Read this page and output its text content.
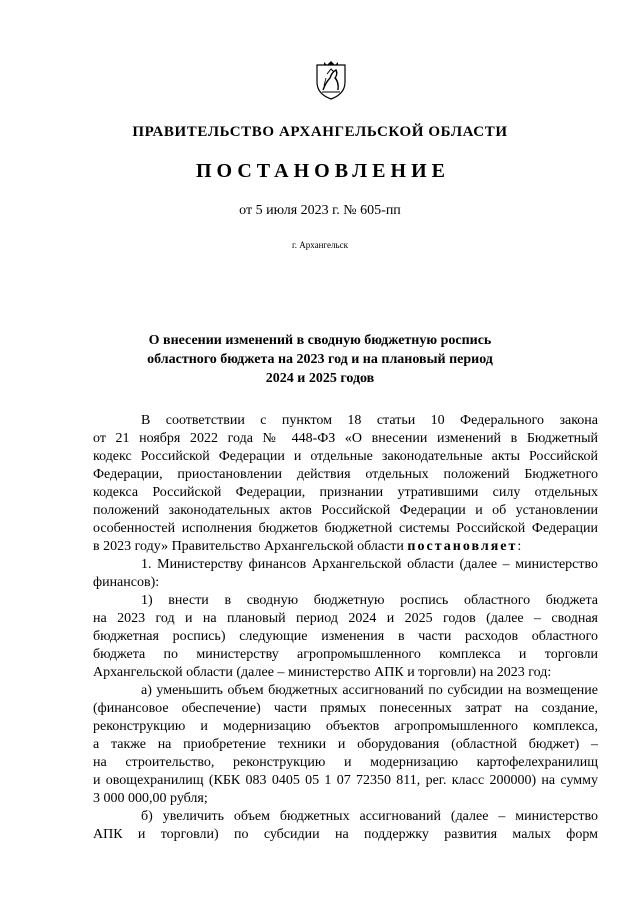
ПРАВИТЕЛЬСТВО АРХАНГЕЛЬСКОЙ ОБЛАСТИ
ПОСТАНОВЛЕНИЕ
от 5 июля 2023 г. № 605-пп
г. Архангельск
О внесении изменений в сводную бюджетную роспись
областного бюджета на 2023 год и на плановый период
2024 и 2025 годов
В соответствии с пунктом 18 статьи 10 Федерального закона
от 21 ноября 2022 года № 448-ФЗ «О внесении изменений в Бюджетный
кодекс Российской Федерации и отдельные законодательные акты Российской
Федерации, приостановлении действия отдельных положений Бюджетного
кодекса Российской Федерации, признании утратившими силу отдельных
положений законодательных актов Российской Федерации и об установлении
особенностей исполнения бюджетов бюджетной системы Российской Федерации
в 2023 году» Правительство Архангельской области постановляет:
1. Министерству финансов Архангельской области (далее – министерство
финансов):
1) внести в сводную бюджетную роспись областного бюджета
на 2023 год и на плановый период 2024 и 2025 годов (далее – сводная
бюджетная роспись) следующие изменения в части расходов областного
бюджета по министерству агропромышленного комплекса и торговли
Архангельской области (далее – министерство АПК и торговли) на 2023 год:
а) уменьшить объем бюджетных ассигнований по субсидии на возмещение
(финансовое обеспечение) части прямых понесенных затрат на создание,
реконструкцию и модернизацию объектов агропромышленного комплекса,
а также на приобретение техники и оборудования (областной бюджет) –
на строительство, реконструкцию и модернизацию картофелехранилищ
и овощехранилищ (КБК 083 0405 05 1 07 72350 811, рег. класс 200000) на сумму
3 000 000,00 рубля;
б) увеличить объем бюджетных ассигнований (далее – министерство
АПК и торговли) по субсидии на поддержку развития малых форм
